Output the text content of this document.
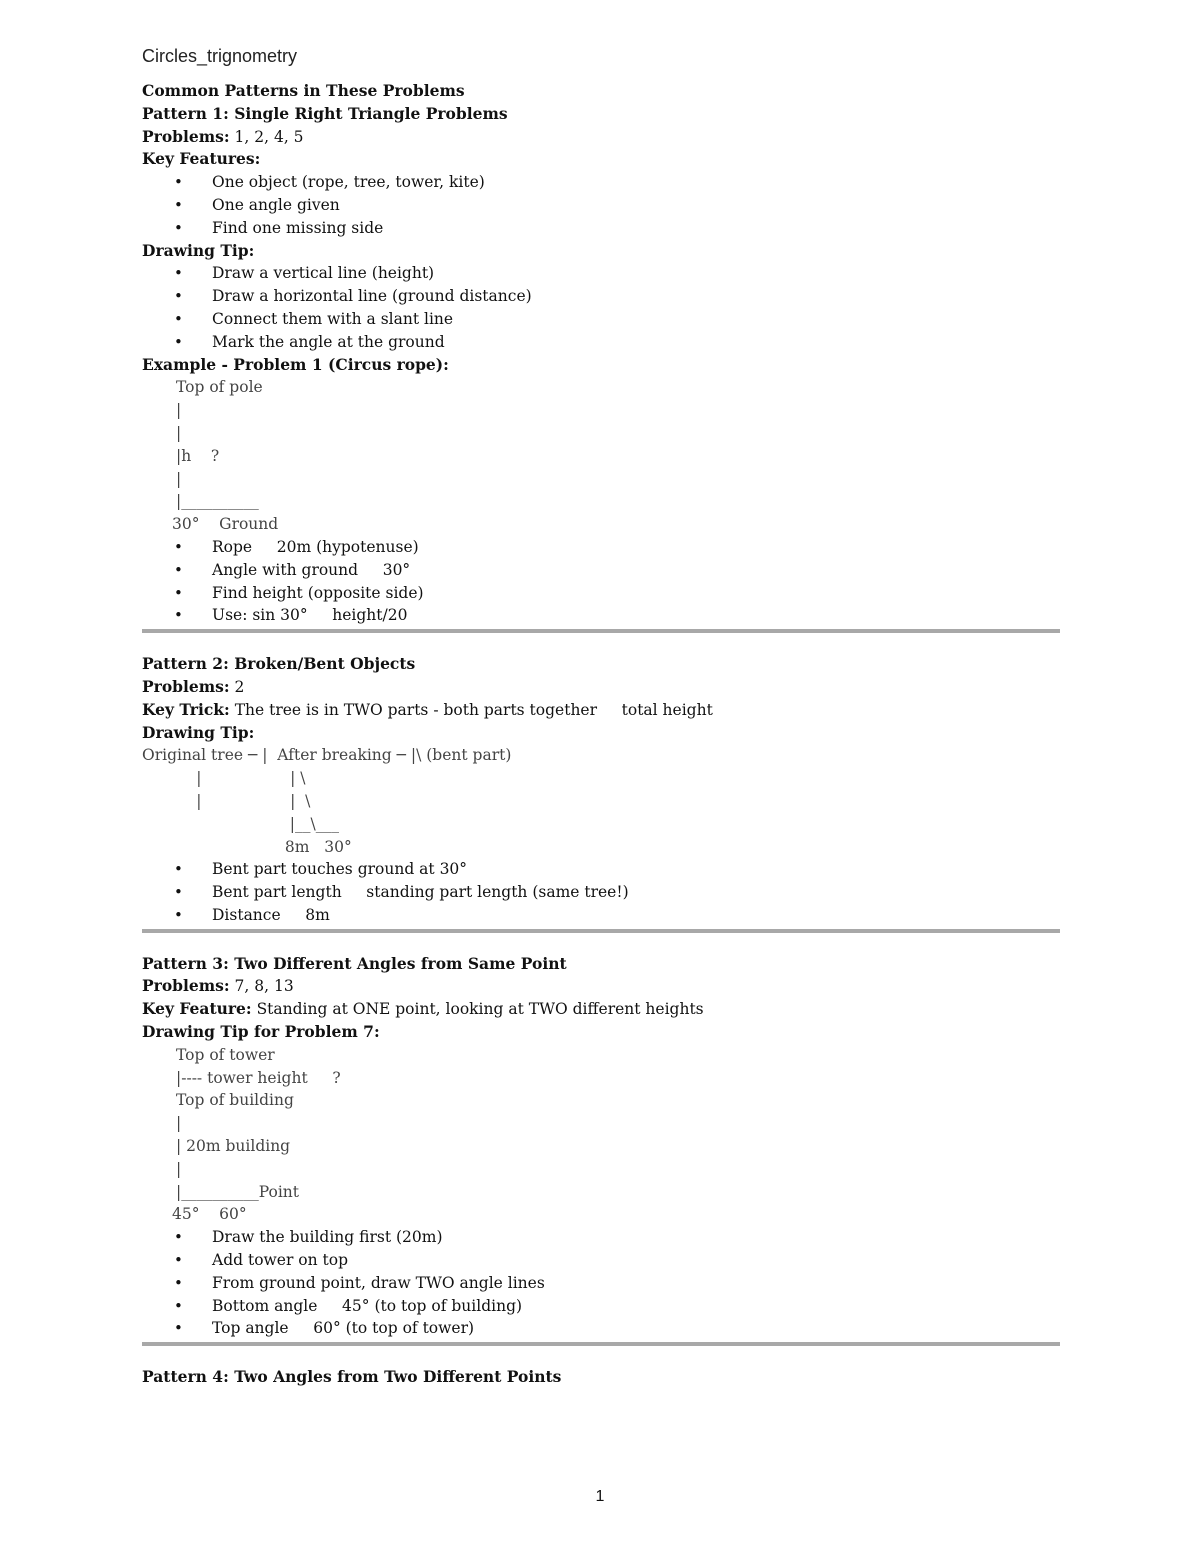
Circles_trignometry
Common Patterns in These Problems
Pattern 1: Single Right Triangle Problems
Problems: 1, 2, 4, 5
Key Features:
• One object (rope, tree, tower, kite)
• One angle given
• Find one missing side
Drawing Tip:
• Draw a vertical line (height)
• Draw a horizontal line (ground distance)
• Connect them with a slant line
• Mark the angle at the ground
Example - Problem 1 (Circus rope):
Top of pole
|
|
|h    ?
|
|__________
30°    Ground
• Rope     20m (hypotenuse)
• Angle with ground     30°
• Find height (opposite side)
• Use: sin 30°     height/20
Pattern 2: Broken/Bent Objects
Problems: 2
Key Trick: The tree is in TWO parts - both parts together     total height
Drawing Tip:
Original tree ─ |  After breaking ─ |\ (bent part)
|                  | \
|                  |  \
|__\___
8m   30°
• Bent part touches ground at 30°
• Bent part length     standing part length (same tree!)
• Distance     8m
Pattern 3: Two Different Angles from Same Point
Problems: 7, 8, 13
Key Feature: Standing at ONE point, looking at TWO different heights
Drawing Tip for Problem 7:
Top of tower
|---- tower height     ?
Top of building
|
| 20m building
|
|__________Point
45°    60°
• Draw the building first (20m)
• Add tower on top
• From ground point, draw TWO angle lines
• Bottom angle     45° (to top of building)
• Top angle     60° (to top of tower)
Pattern 4: Two Angles from Two Different Points
1
